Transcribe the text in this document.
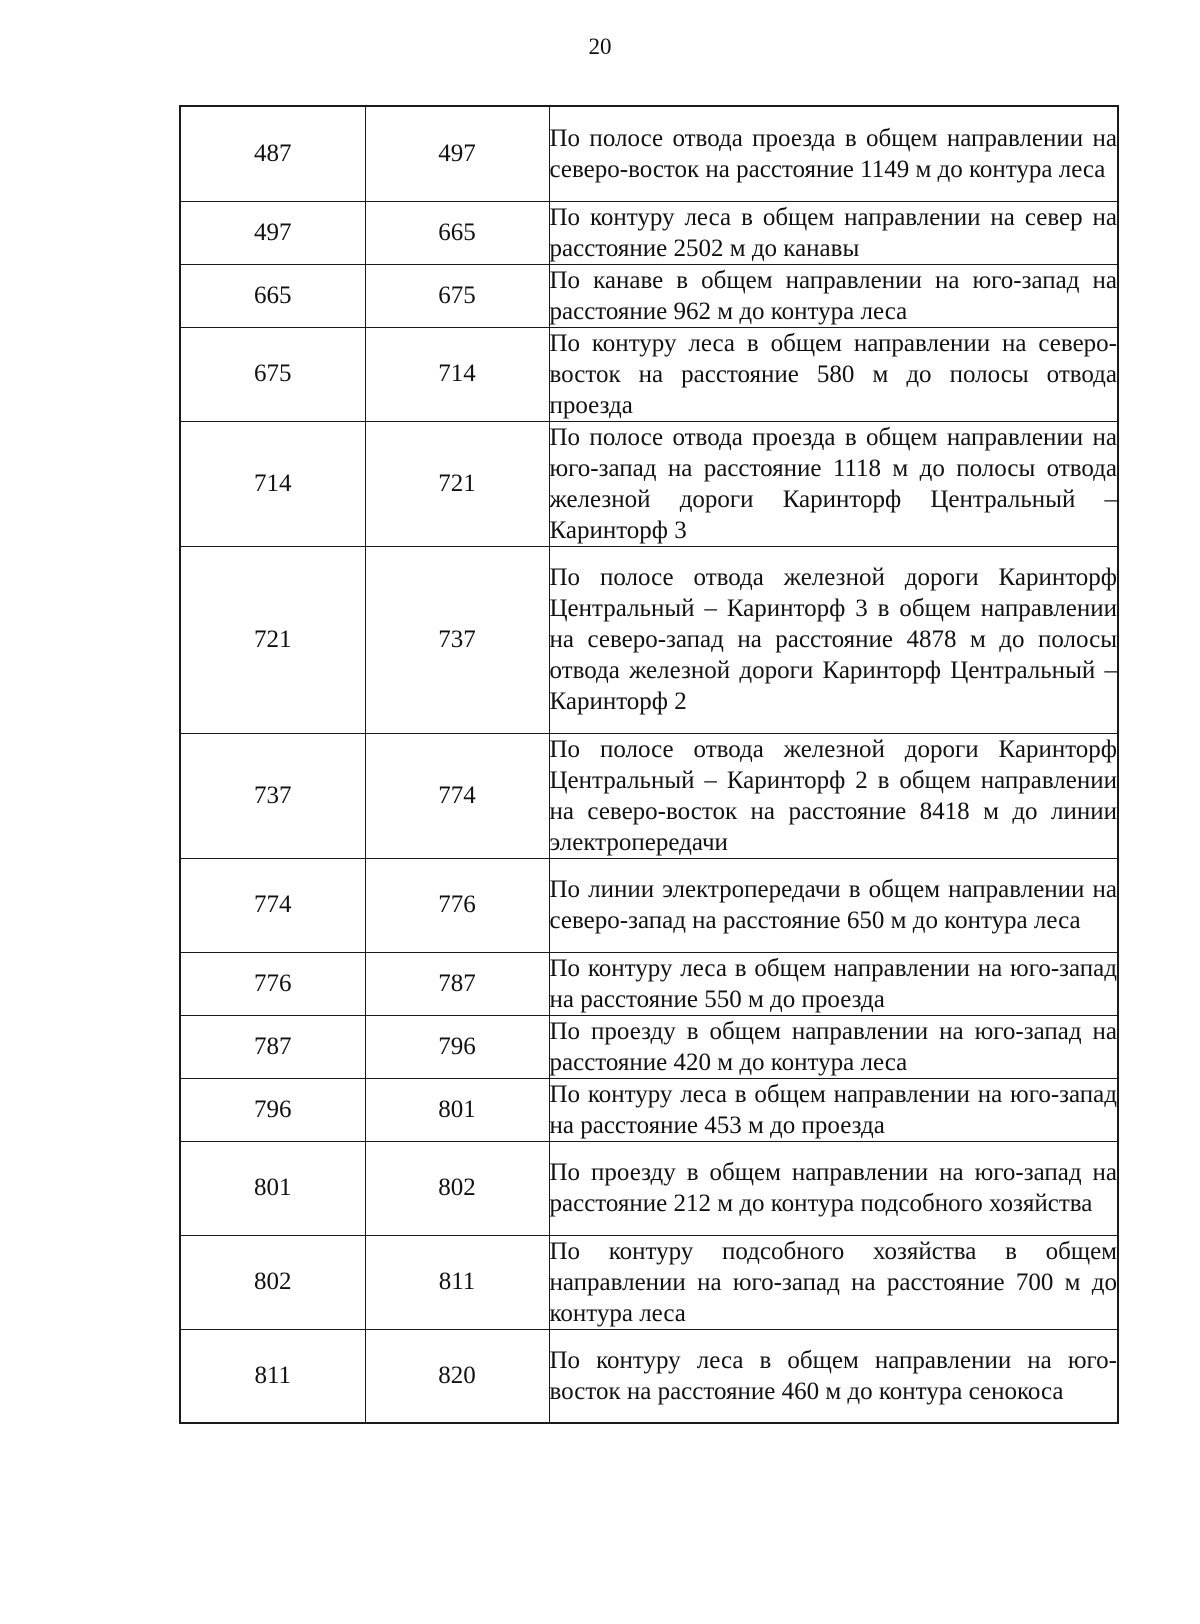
20
487	497	По полосе отвода проезда в общем направлении на северо-восток на расстояние 1149 м до контура леса
497	665	По контуру леса в общем направлении на север на расстояние 2502 м до канавы
665	675	По канаве в общем направлении на юго-запад на расстояние 962 м до контура леса
675	714	По контуру леса в общем направлении на северо-восток на расстояние 580 м до полосы отвода проезда
714	721	По полосе отвода проезда в общем направлении на юго-запад на расстояние 1118 м до полосы отвода железной дороги Каринторф Центральный – Каринторф 3
721	737	По полосе отвода железной дороги Каринторф Центральный – Каринторф 3 в общем направлении на северо-запад на расстояние 4878 м до полосы отвода железной дороги Каринторф Центральный – Каринторф 2
737	774	По полосе отвода железной дороги Каринторф Центральный – Каринторф 2 в общем направлении на северо-восток на расстояние 8418 м до линии электропередачи
774	776	По линии электропередачи в общем направлении на северо-запад на расстояние 650 м до контура леса
776	787	По контуру леса в общем направлении на юго-запад на расстояние 550 м до проезда
787	796	По проезду в общем направлении на юго-запад на расстояние 420 м до контура леса
796	801	По контуру леса в общем направлении на юго-запад на расстояние 453 м до проезда
801	802	По проезду в общем направлении на юго-запад на расстояние 212 м до контура подсобного хозяйства
802	811	По контуру подсобного хозяйства в общем направлении на юго-запад на расстояние 700 м до контура леса
811	820	По контуру леса в общем направлении на юго-восток на расстояние 460 м до контура сенокоса
